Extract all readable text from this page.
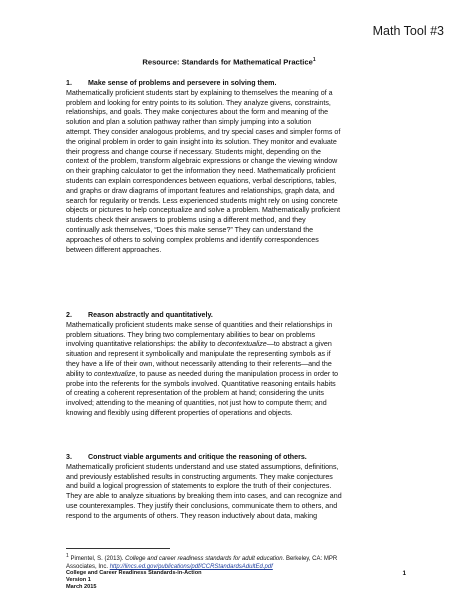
Math Tool #3
Resource: Standards for Mathematical Practice$^1$
1.	Make sense of problems and persevere in solving them.

Mathematically proficient students start by explaining to themselves the meaning of a
problem and looking for entry points to its solution. They analyze givens, constraints,
relationships, and goals. They make conjectures about the form and meaning of the
solution and plan a solution pathway rather than simply jumping into a solution
attempt. They consider analogous problems, and try special cases and simpler forms of
the original problem in order to gain insight into its solution. They monitor and evaluate
their progress and change course if necessary. Students might, depending on the
context of the problem, transform algebraic expressions or change the viewing window
on their graphing calculator to get the information they need. Mathematically proficient
students can explain correspondences between equations, verbal descriptions, tables,
and graphs or draw diagrams of important features and relationships, graph data, and
search for regularity or trends. Less experienced students might rely on using concrete
objects or pictures to help conceptualize and solve a problem. Mathematically proficient
students check their answers to problems using a different method, and they
continually ask themselves, “Does this make sense?” They can understand the
approaches of others to solving complex problems and identify correspondences
between different approaches.

2.	Reason abstractly and quantitatively.

Mathematically proficient students make sense of quantities and their relationships in
problem situations. They bring two complementary abilities to bear on problems
involving quantitative relationships: the ability to decontextualize—to abstract a given
situation and represent it symbolically and manipulate the representing symbols as if
they have a life of their own, without necessarily attending to their referents—and the
ability to contextualize, to pause as needed during the manipulation process in order to
probe into the referents for the symbols involved. Quantitative reasoning entails habits
of creating a coherent representation of the problem at hand; considering the units
involved; attending to the meaning of quantities, not just how to compute them; and
knowing and flexibly using different properties of operations and objects.

3.	Construct viable arguments and critique the reasoning of others.

Mathematically proficient students understand and use stated assumptions, definitions,
and previously established results in constructing arguments. They make conjectures
and build a logical progression of statements to explore the truth of their conjectures.
They are able to analyze situations by breaking them into cases, and can recognize and
use counterexamples. They justify their conclusions, communicate them to others, and
respond to the arguments of others. They reason inductively about data, making

$^1$ Pimentel, S. (2013). College and career readiness standards for adult education. Berkeley, CA: MPR
Associates, Inc. http://lincs.ed.gov/publications/pdf/CCRStandardsAdultEd.pdf
College and Career Readiness Standards-in-Action
Version 1
March 2015
1
